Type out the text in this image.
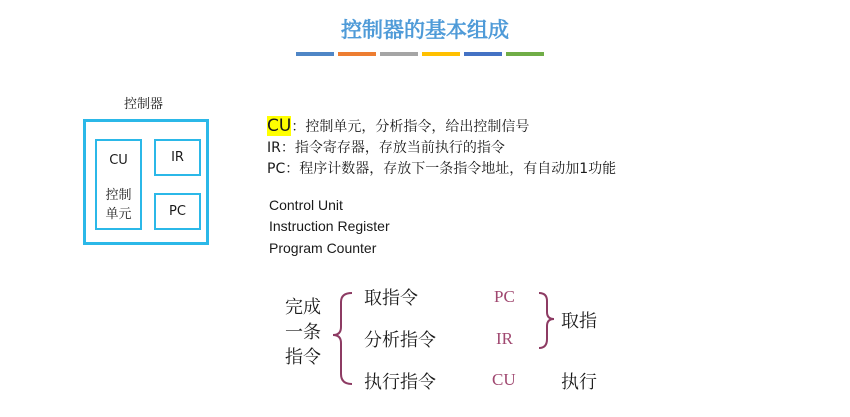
控制器的基本组成
控制器
CU
控制
单元
IR
PC
CU：控制单元，分析指令，给出控制信号
IR：指令寄存器，存放当前执行的指令
PC：程序计数器，存放下一条指令地址，有自动加1功能
Control Unit
Instruction Register
Program Counter
完成
一条
指令
取指令
分析指令
执行指令
PC
IR
CU
取指
执行
